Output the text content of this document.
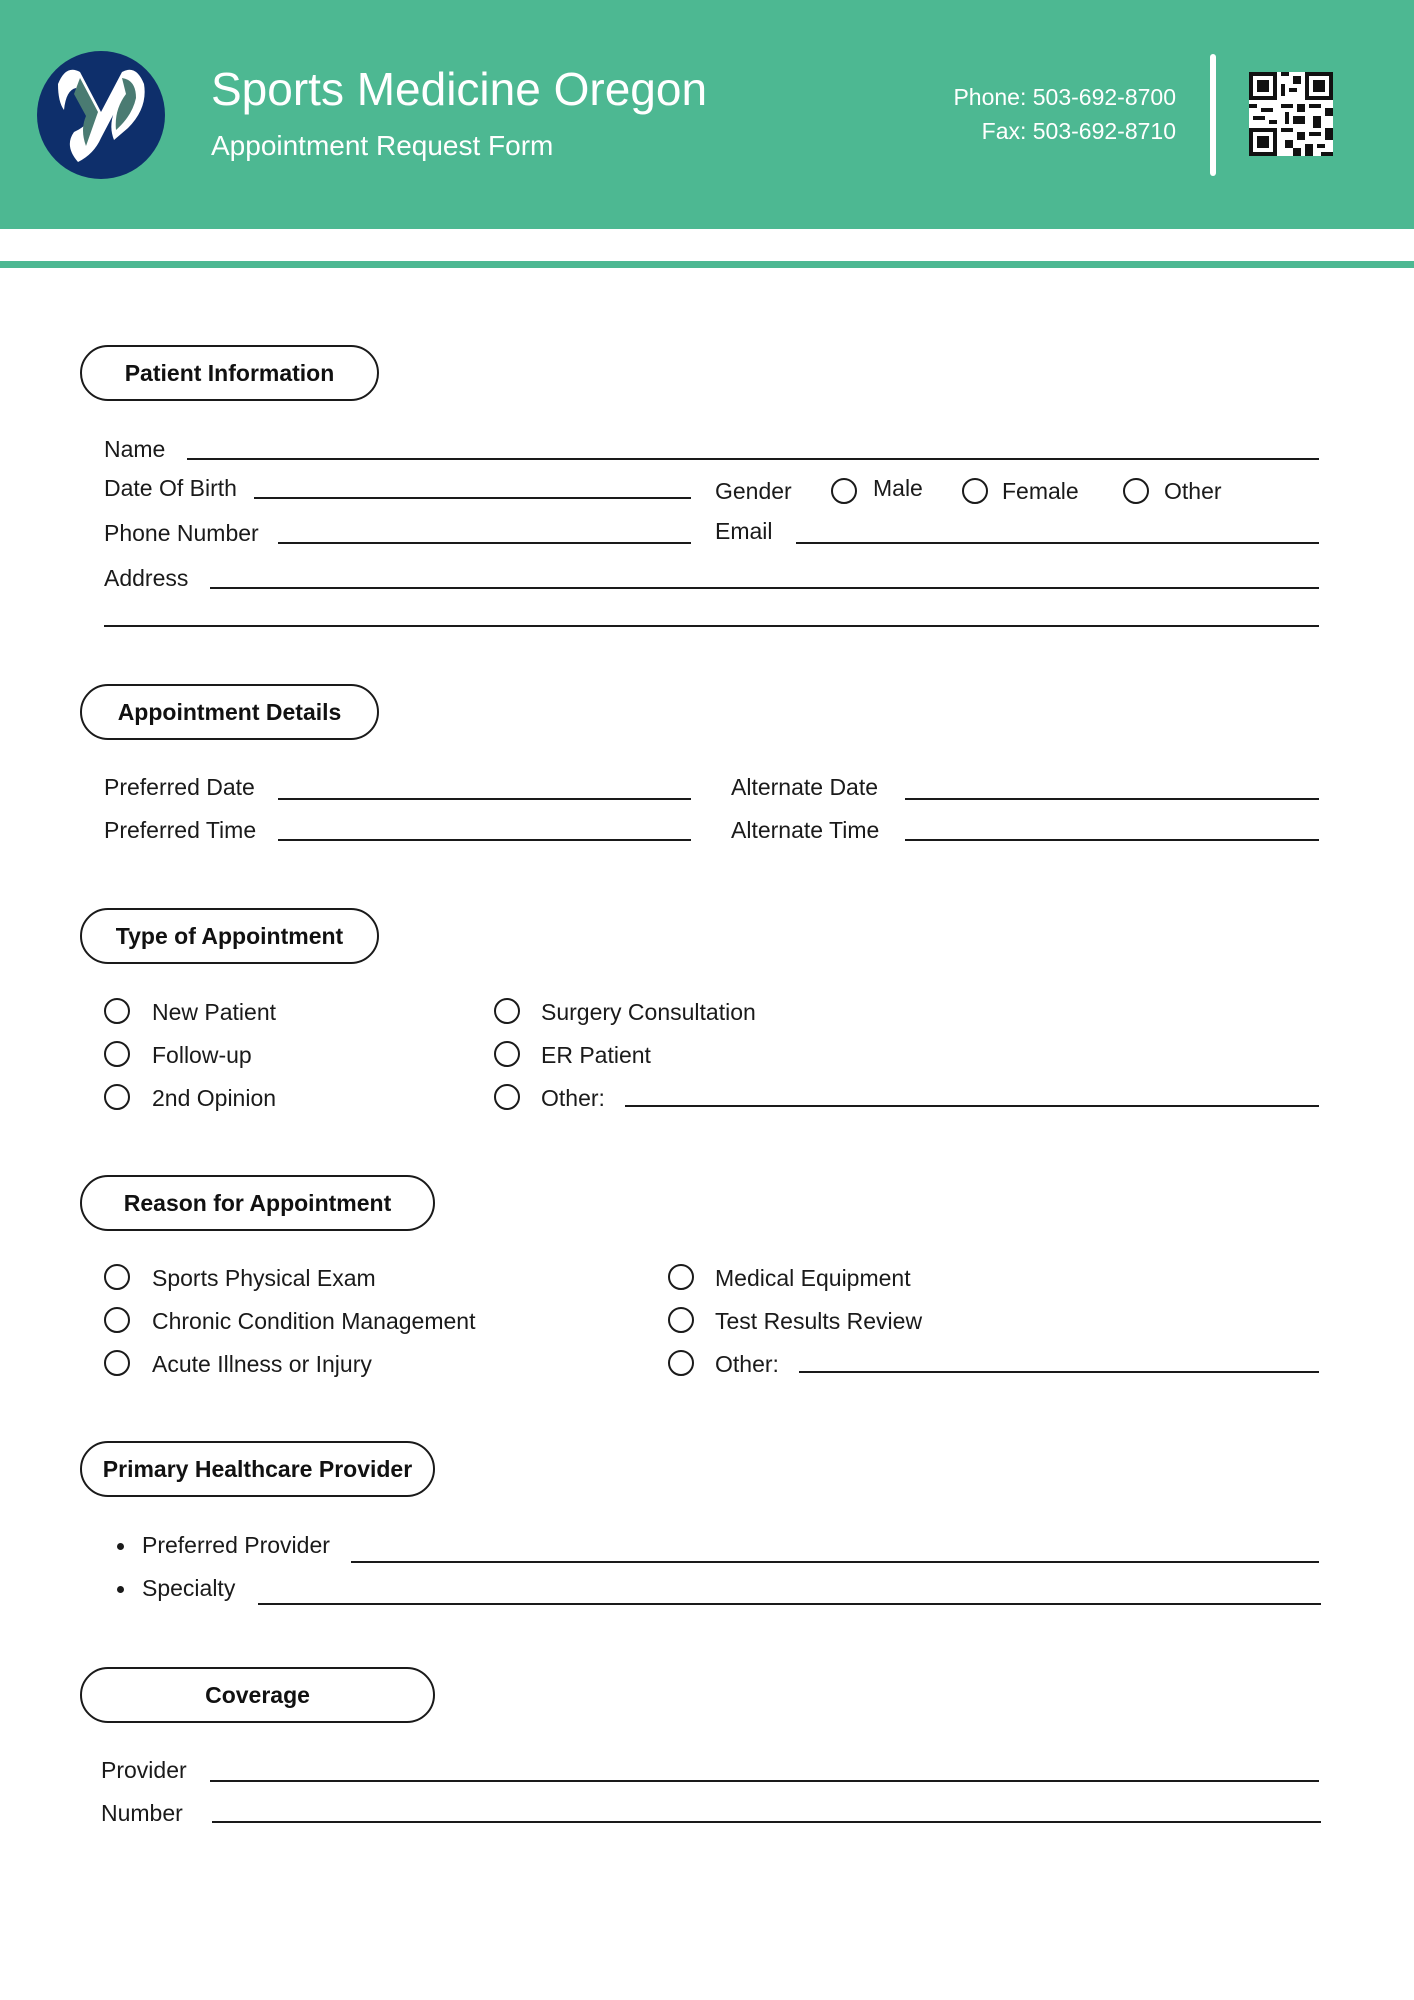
Sports Medicine Oregon
Appointment Request Form
Phone: 503-692-8700
Fax: 503-692-8710
Patient Information
Name
Date Of Birth	Gender	Male	Female	Other
Phone Number	Email
Address
Appointment Details
Preferred Date	Alternate Date
Preferred Time	Alternate Time
Type of Appointment
New Patient
Follow-up
2nd Opinion
Surgery Consultation
ER Patient
Other:
Reason for Appointment
Sports Physical Exam
Chronic Condition Management
Acute Illness or Injury
Medical Equipment
Test Results Review
Other:
Primary Healthcare Provider
Preferred Provider
Specialty
Coverage
Provider
Number
